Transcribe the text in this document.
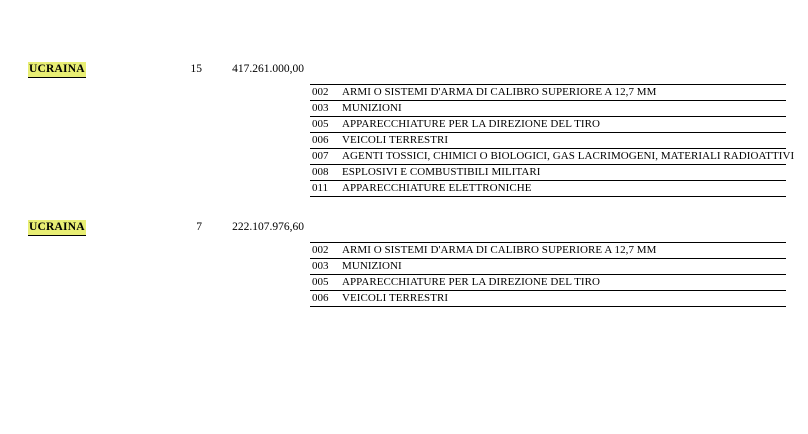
UCRAINA	15	417.261.000,00
002	ARMI O SISTEMI D'ARMA DI CALIBRO SUPERIORE A 12,7 MM
003	MUNIZIONI
005	APPARECCHIATURE PER LA DIREZIONE DEL TIRO
006	VEICOLI TERRESTRI
007	AGENTI TOSSICI, CHIMICI O BIOLOGICI, GAS LACRIMOGENI, MATERIALI RADIOATTIVI
008	ESPLOSIVI E COMBUSTIBILI MILITARI
011	APPARECCHIATURE ELETTRONICHE
UCRAINA	7	222.107.976,60
002	ARMI O SISTEMI D'ARMA DI CALIBRO SUPERIORE A 12,7 MM
003	MUNIZIONI
005	APPARECCHIATURE PER LA DIREZIONE DEL TIRO
006	VEICOLI TERRESTRI
